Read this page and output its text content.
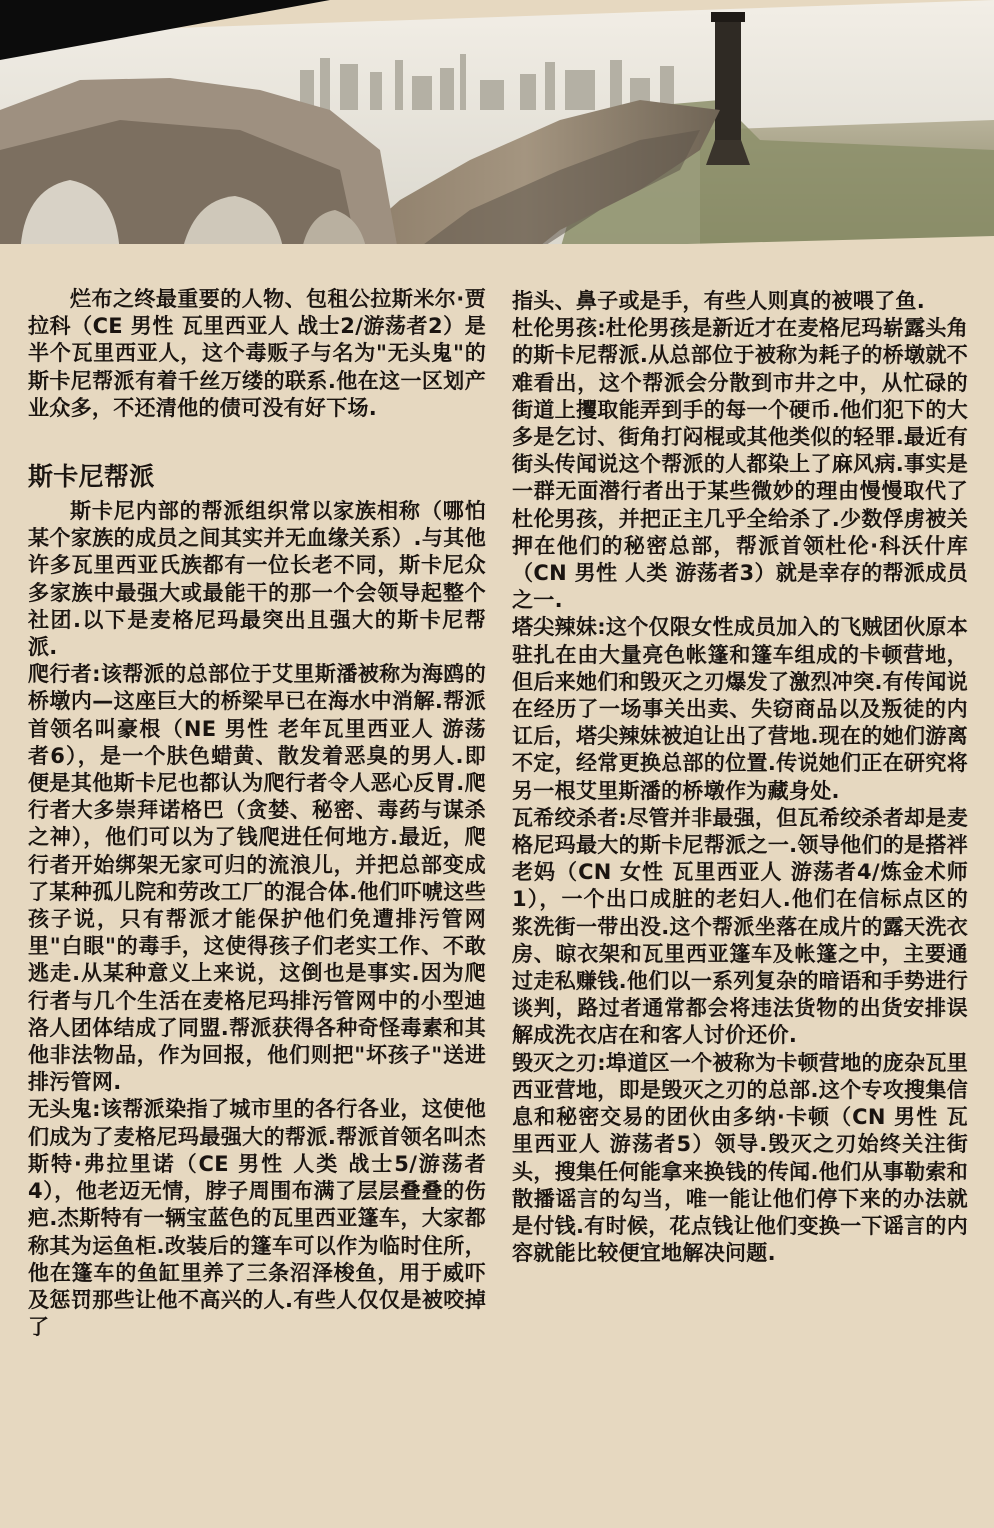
烂布之终最重要的人物、包租公拉斯米尔·贾拉科（CE 男性 瓦里西亚人 战士2/游荡者2）是半个瓦里西亚人，这个毒贩子与名为"无头鬼"的斯卡尼帮派有着千丝万缕的联系.他在这一区划产业众多，不还清他的债可没有好下场.

斯卡尼帮派

斯卡尼内部的帮派组织常以家族相称（哪怕某个家族的成员之间其实并无血缘关系）.与其他许多瓦里西亚氏族都有一位长老不同，斯卡尼众多家族中最强大或最能干的那一个会领导起整个社团.以下是麦格尼玛最突出且强大的斯卡尼帮派.

爬行者:该帮派的总部位于艾里斯潘被称为海鸥的桥墩内—这座巨大的桥梁早已在海水中消解.帮派首领名叫豪根（NE 男性 老年瓦里西亚人 游荡者6），是一个肤色蜡黄、散发着恶臭的男人.即便是其他斯卡尼也都认为爬行者令人恶心反胃.爬行者大多崇拜诺格巴（贪婪、秘密、毒药与谋杀之神），他们可以为了钱爬进任何地方.最近，爬行者开始绑架无家可归的流浪儿，并把总部变成了某种孤儿院和劳改工厂的混合体.他们吓唬这些孩子说，只有帮派才能保护他们免遭排污管网里"白眼"的毒手，这使得孩子们老实工作、不敢逃走.从某种意义上来说，这倒也是事实.因为爬行者与几个生活在麦格尼玛排污管网中的小型迪洛人团体结成了同盟.帮派获得各种奇怪毒素和其他非法物品，作为回报，他们则把"坏孩子"送进排污管网.

无头鬼:该帮派染指了城市里的各行各业，这使他们成为了麦格尼玛最强大的帮派.帮派首领名叫杰斯特·弗拉里诺（CE 男性 人类 战士5/游荡者4），他老迈无情，脖子周围布满了层层叠叠的伤疤.杰斯特有一辆宝蓝色的瓦里西亚篷车，大家都称其为运鱼柜.改装后的篷车可以作为临时住所，他在篷车的鱼缸里养了三条沼泽梭鱼，用于威吓及惩罚那些让他不高兴的人.有些人仅仅是被咬掉了

指头、鼻子或是手，有些人则真的被喂了鱼.

杜伦男孩:杜伦男孩是新近才在麦格尼玛崭露头角的斯卡尼帮派.从总部位于被称为耗子的桥墩就不难看出，这个帮派会分散到市井之中，从忙碌的街道上攫取能弄到手的每一个硬币.他们犯下的大多是乞讨、街角打闷棍或其他类似的轻罪.最近有街头传闻说这个帮派的人都染上了麻风病.事实是一群无面潜行者出于某些微妙的理由慢慢取代了杜伦男孩，并把正主几乎全给杀了.少数俘虏被关押在他们的秘密总部，帮派首领杜伦·科沃什库（CN 男性 人类 游荡者3）就是幸存的帮派成员之一.

塔尖辣妹:这个仅限女性成员加入的飞贼团伙原本驻扎在由大量亮色帐篷和篷车组成的卡顿营地，但后来她们和毁灭之刃爆发了激烈冲突.有传闻说在经历了一场事关出卖、失窃商品以及叛徒的内讧后，塔尖辣妹被迫让出了营地.现在的她们游离不定，经常更换总部的位置.传说她们正在研究将另一根艾里斯潘的桥墩作为藏身处.

瓦希绞杀者:尽管并非最强，但瓦希绞杀者却是麦格尼玛最大的斯卡尼帮派之一.领导他们的是搭袢老妈（CN 女性 瓦里西亚人 游荡者4/炼金术师1），一个出口成脏的老妇人.他们在信标点区的浆洗街一带出没.这个帮派坐落在成片的露天洗衣房、晾衣架和瓦里西亚篷车及帐篷之中，主要通过走私赚钱.他们以一系列复杂的暗语和手势进行谈判，路过者通常都会将违法货物的出货安排误解成洗衣店在和客人讨价还价.

毁灭之刃:埠道区一个被称为卡顿营地的庞杂瓦里西亚营地，即是毁灭之刃的总部.这个专攻搜集信息和秘密交易的团伙由多纳·卡顿（CN 男性 瓦里西亚人 游荡者5）领导.毁灭之刃始终关注街头，搜集任何能拿来换钱的传闻.他们从事勒索和散播谣言的勾当，唯一能让他们停下来的办法就是付钱.有时候，花点钱让他们变换一下谣言的内容就能比较便宜地解决问题.
